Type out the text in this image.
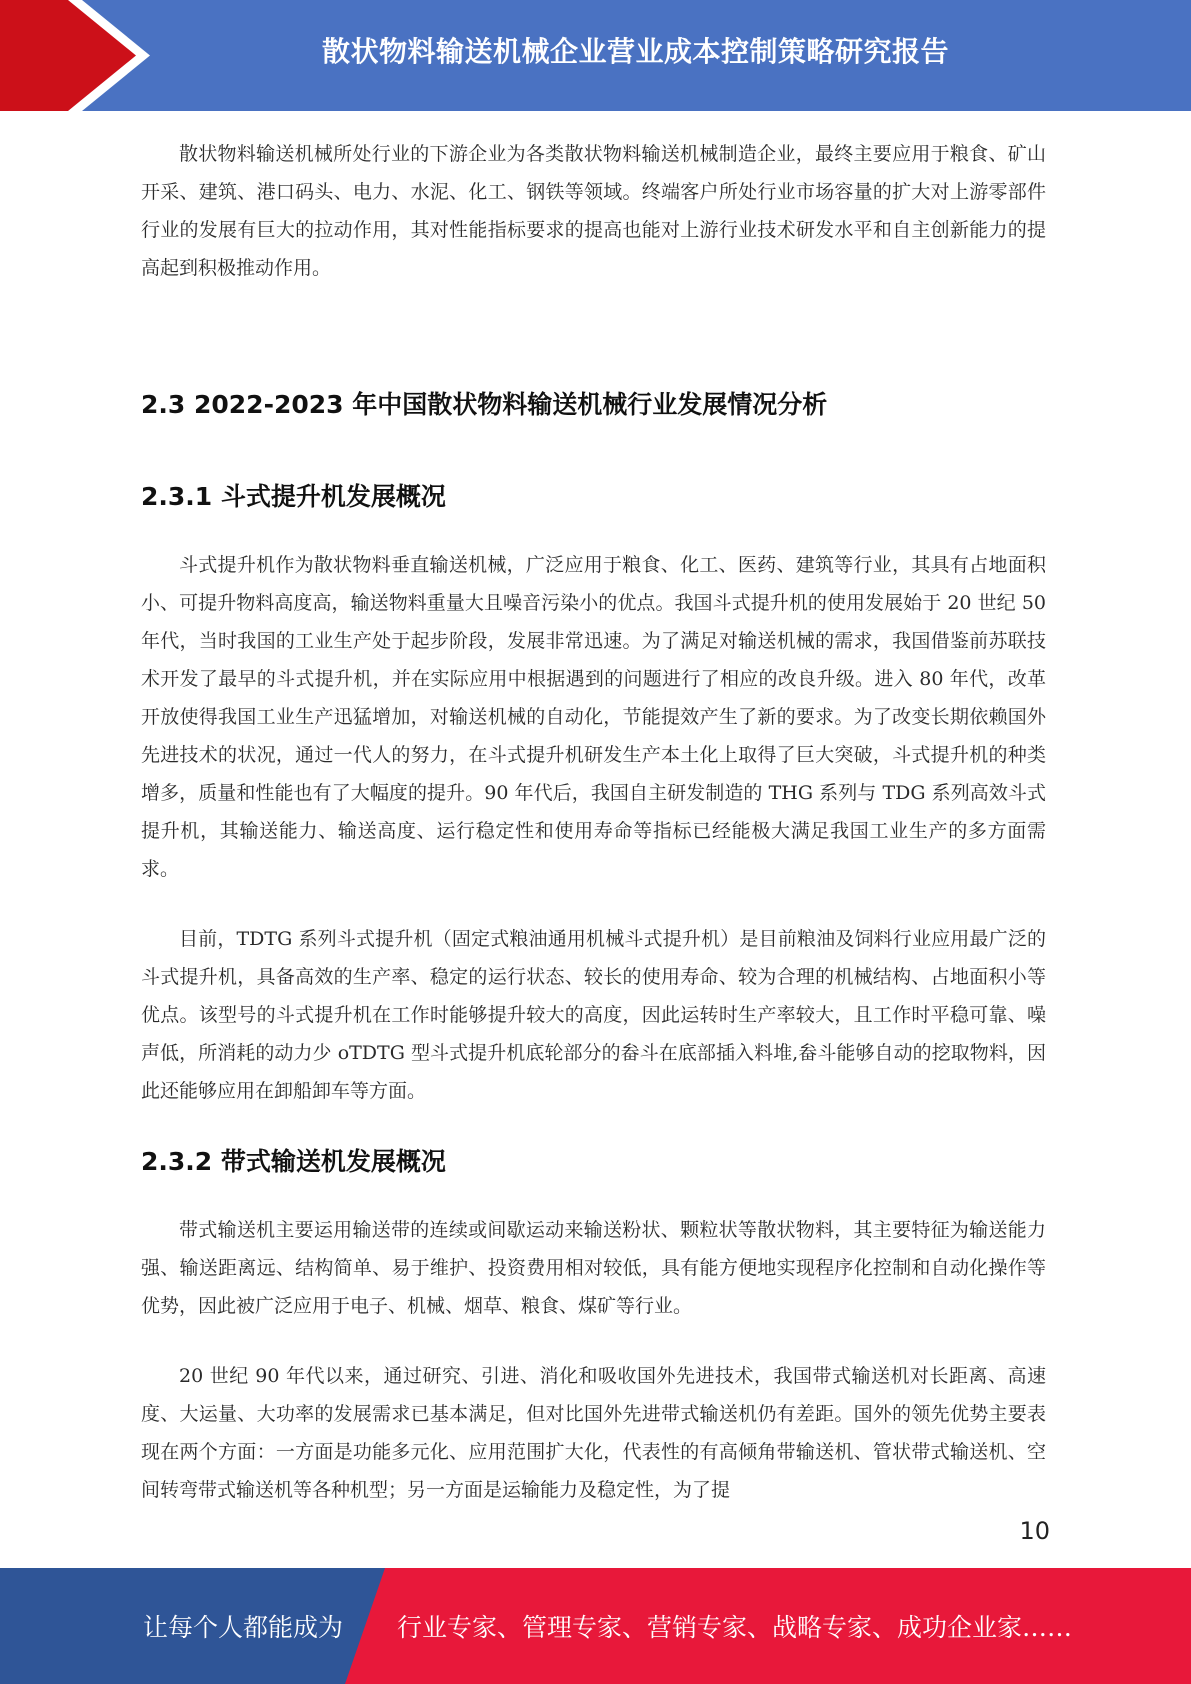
散状物料输送机械企业营业成本控制策略研究报告

散状物料输送机械所处行业的下游企业为各类散状物料输送机械制造企业，最终主要应用于粮食、矿山开采、建筑、港口码头、电力、水泥、化工、钢铁等领域。终端客户所处行业市场容量的扩大对上游零部件行业的发展有巨大的拉动作用，其对性能指标要求的提高也能对上游行业技术研发水平和自主创新能力的提高起到积极推动作用。

2.3 2022-2023 年中国散状物料输送机械行业发展情况分析
2.3.1 斗式提升机发展概况

斗式提升机作为散状物料垂直输送机械，广泛应用于粮食、化工、医药、建筑等行业，其具有占地面积小、可提升物料高度高，输送物料重量大且噪音污染小的优点。我国斗式提升机的使用发展始于 20 世纪 50 年代，当时我国的工业生产处于起步阶段，发展非常迅速。为了满足对输送机械的需求，我国借鉴前苏联技术开发了最早的斗式提升机，并在实际应用中根据遇到的问题进行了相应的改良升级。进入 80 年代，改革开放使得我国工业生产迅猛增加，对输送机械的自动化，节能提效产生了新的要求。为了改变长期依赖国外先进技术的状况，通过一代人的努力，在斗式提升机研发生产本土化上取得了巨大突破，斗式提升机的种类增多，质量和性能也有了大幅度的提升。90 年代后，我国自主研发制造的 THG 系列与 TDG 系列高效斗式提升机，其输送能力、输送高度、运行稳定性和使用寿命等指标已经能极大满足我国工业生产的多方面需求。

目前，TDTG 系列斗式提升机（固定式粮油通用机械斗式提升机）是目前粮油及饲料行业应用最广泛的斗式提升机，具备高效的生产率、稳定的运行状态、较长的使用寿命、较为合理的机械结构、占地面积小等优点。该型号的斗式提升机在工作时能够提升较大的高度，因此运转时生产率较大，且工作时平稳可靠、噪声低，所消耗的动力少 oTDTG 型斗式提升机底轮部分的畚斗在底部插入料堆,畚斗能够自动的挖取物料，因此还能够应用在卸船卸车等方面。

2.3.2 带式输送机发展概况

带式输送机主要运用输送带的连续或间歇运动来输送粉状、颗粒状等散状物料，其主要特征为输送能力强、输送距离远、结构简单、易于维护、投资费用相对较低，具有能方便地实现程序化控制和自动化操作等优势，因此被广泛应用于电子、机械、烟草、粮食、煤矿等行业。

20 世纪 90 年代以来，通过研究、引进、消化和吸收国外先进技术，我国带式输送机对长距离、高速度、大运量、大功率的发展需求已基本满足，但对比国外先进带式输送机仍有差距。国外的领先优势主要表现在两个方面：一方面是功能多元化、应用范围扩大化，代表性的有高倾角带输送机、管状带式输送机、空间转弯带式输送机等各种机型；另一方面是运输能力及稳定性，为了提

10
让每个人都能成为 行业专家、管理专家、营销专家、战略专家、成功企业家……
